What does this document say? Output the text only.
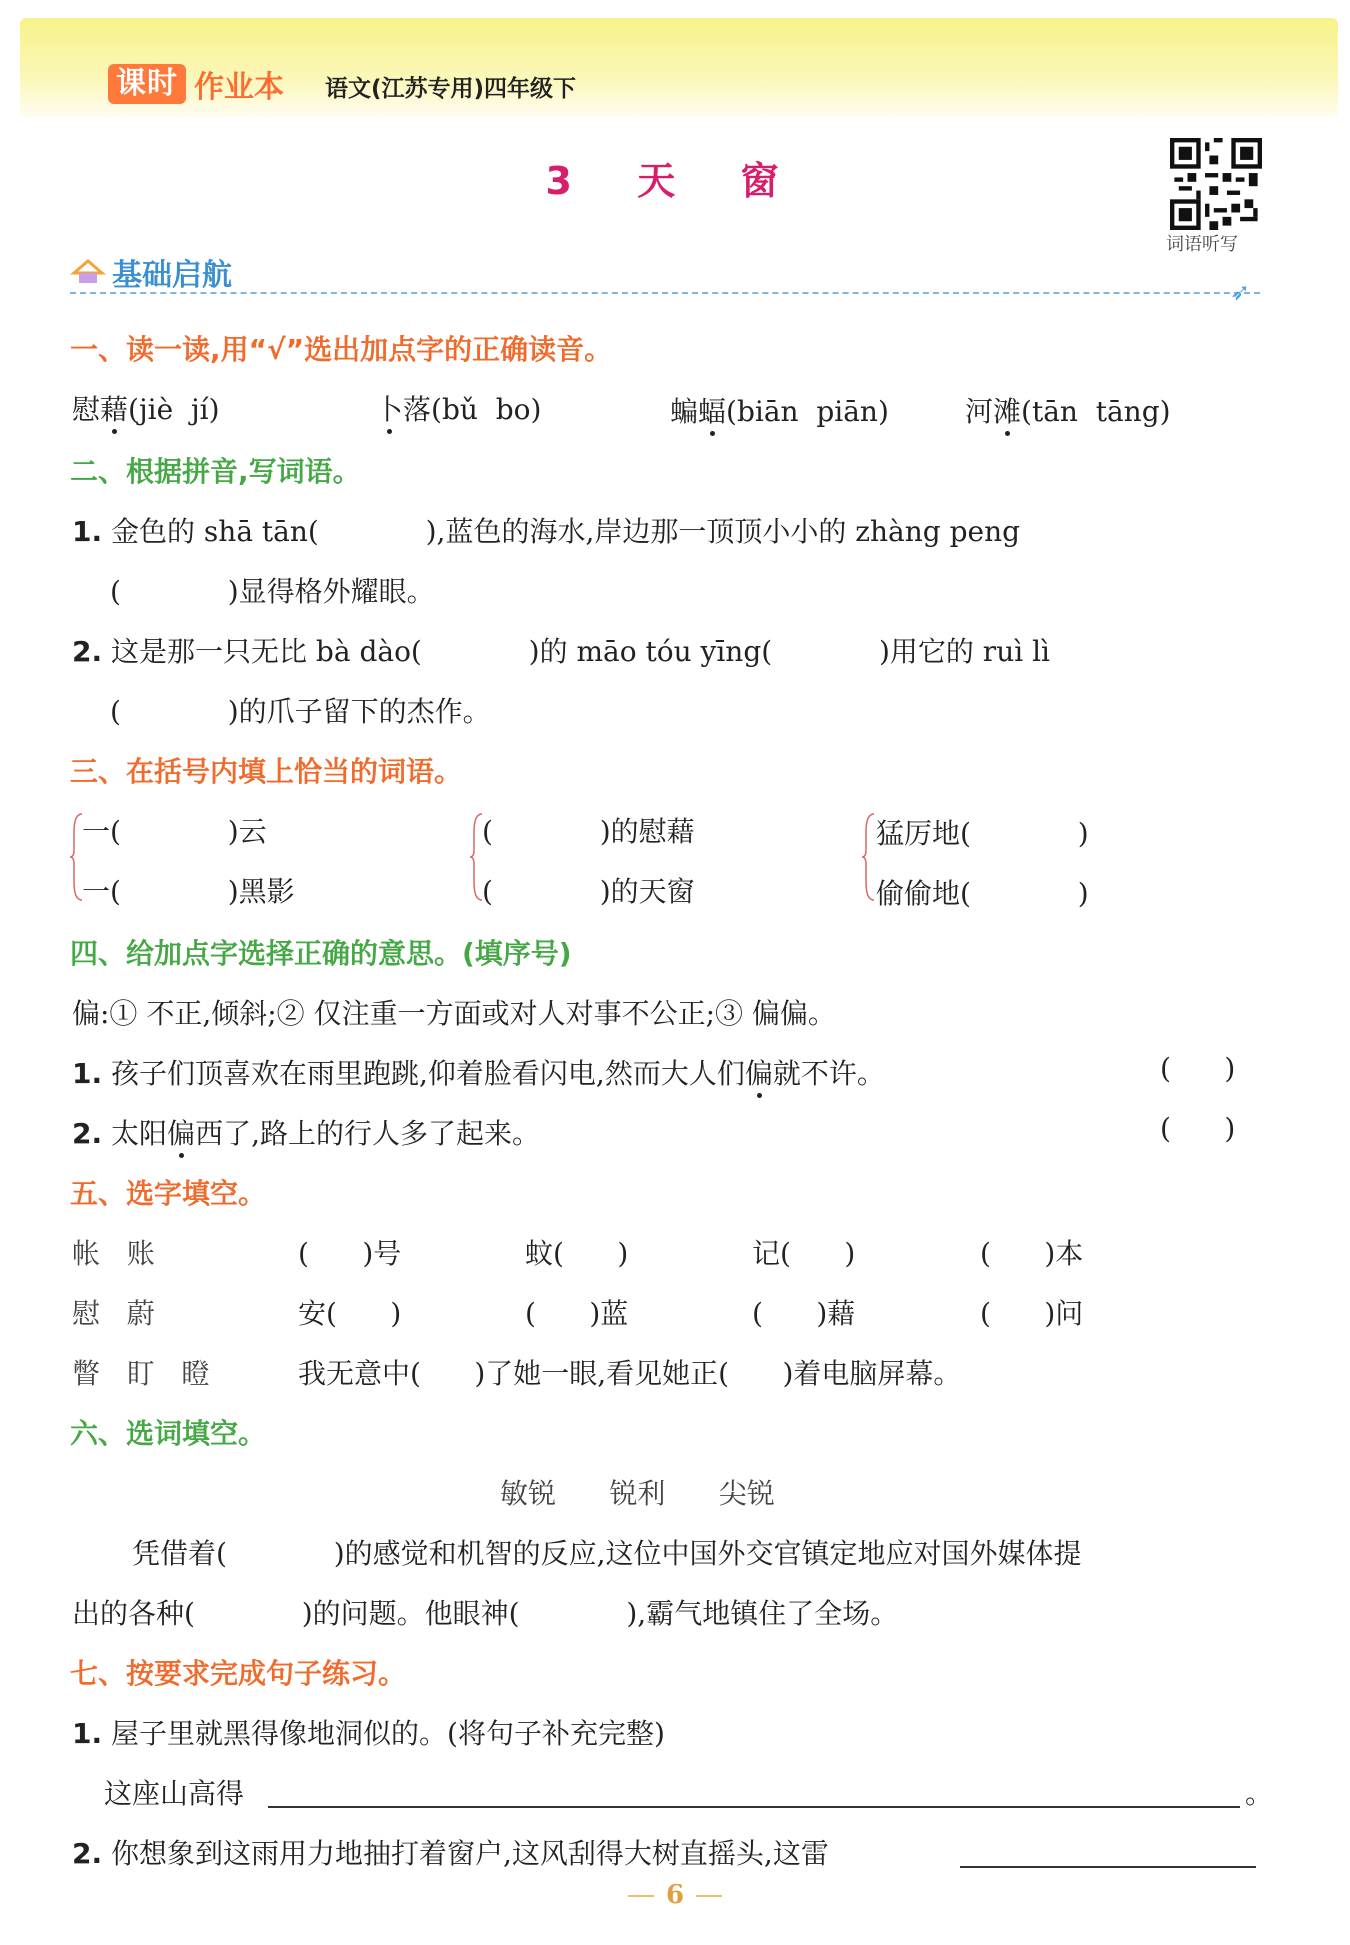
课时 作业本 语文(江苏专用)四年级下
3 天 窗
词语听写
基础启航	➶
一、读一读,用“√”选出加点字的正确读音。
慰藉(jiè  jí)	卜落(bǔ  bo)	蝙蝠(biān  piān)	河滩(tān  tāng)
二、根据拼音,写词语。
1. 金色的 shā tān(            ),蓝色的海水,岸边那一顶顶小小的 zhàng peng
(            )显得格外耀眼。
2. 这是那一只无比 bà dào(            )的 māo tóu yīng(            )用它的 ruì lì
(            )的爪子留下的杰作。
三、在括号内填上恰当的词语。
一(            )云
一(            )黑影
(            )的慰藉
(            )的天窗
猛厉地(            )
偷偷地(            )
四、给加点字选择正确的意思。(填序号)
偏:① 不正,倾斜;② 仅注重一方面或对人对事不公正;③ 偏偏。
1. 孩子们顶喜欢在雨里跑跳,仰着脸看闪电,然而大人们偏就不许。	(      )
2. 太阳偏西了,路上的行人多了起来。	(      )
五、选字填空。
帐   账	(      )号	蚊(      )	记(      )	(      )本
慰   蔚	安(      )	(      )蓝	(      )藉	(      )问
瞥   盯   瞪	我无意中(      )了她一眼,看见她正(      )着电脑屏幕。
六、选词填空。
敏锐      锐利      尖锐
凭借着(            )的感觉和机智的反应,这位中国外交官镇定地应对国外媒体提
出的各种(            )的问题。他眼神(            ),霸气地镇住了全场。
七、按要求完成句子练习。
1. 屋子里就黑得像地洞似的。(将句子补充完整)
这座山高得	。
2. 你想象到这雨用力地抽打着窗户,这风刮得大树直摇头,这雷
6
